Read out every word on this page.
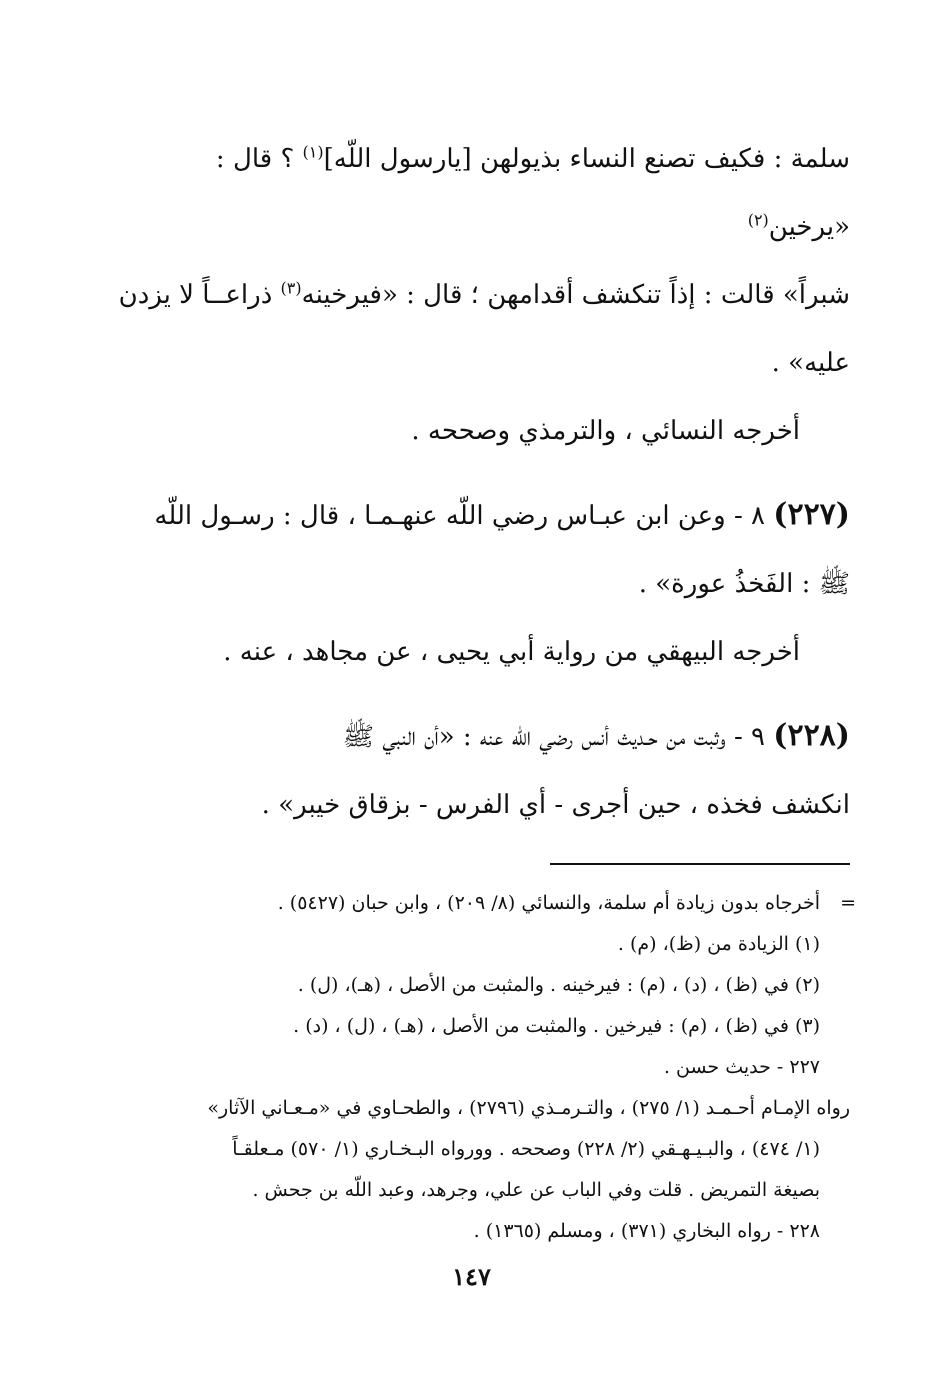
سلمة : فكيف تصنع النساء بذيولهن [يارسول اللّه]$^{(١)}$ ؟ قال : «يرخين$^{(٢)}$

شبراً» قالت : إذاً تنكشف أقدامهن ؛ قال : «فيرخينه$^{(٣)}$ ذراعــاً لا يزدن

عليه» .

أخرجه النسائي ، والترمذي وصححه .

(٢٢٧) ٨ - وعن ابن عبـاس رضي اللّه عنهـمـا ، قال : رسـول اللّه

ﷺ : الفَخذُ عورة» .

أخرجه البيهقي من رواية أبي يحيى ، عن مجاهد ، عنه .

(٢٢٨) ٩ - وثبت من حـديث أنس رضي اللّه عنه : «أن النبي ﷺ

انكشف فخذه ، حين أجرى - أي الفرس - بزقاق خيبر» .

=
أخرجاه بدون زيادة أم سلمة، والنسائي (٨/ ٢٠٩) ، وابن حبان (٥٤٢٧) .

(١) الزيادة من (ظ)، (م) .

(٢) في (ظ) ، (د) ، (م) : فيرخينه . والمثبت من الأصل ، (هـ)، (ل) .

(٣) في (ظ) ، (م) : فيرخين . والمثبت من الأصل ، (هـ) ، (ل) ، (د) .

٢٢٧ - حديث حسن .

رواه الإمـام أحـمـد (١/ ٢٧٥) ، والتـرمـذي (٢٧٩٦) ، والطحـاوي في «مـعـاني الآثار»

(١/ ٤٧٤) ، والبـيـهـقي (٢/ ٢٢٨) وصححه . وورواه البـخـاري (١/ ٥٧٠) مـعلقـاً

بصيغة التمريض . قلت وفي الباب عن علي، وجرهد، وعبد اللّه بن جحش .

٢٢٨ - رواه البخاري (٣٧١) ، ومسلم (١٣٦٥) .

١٤٧
